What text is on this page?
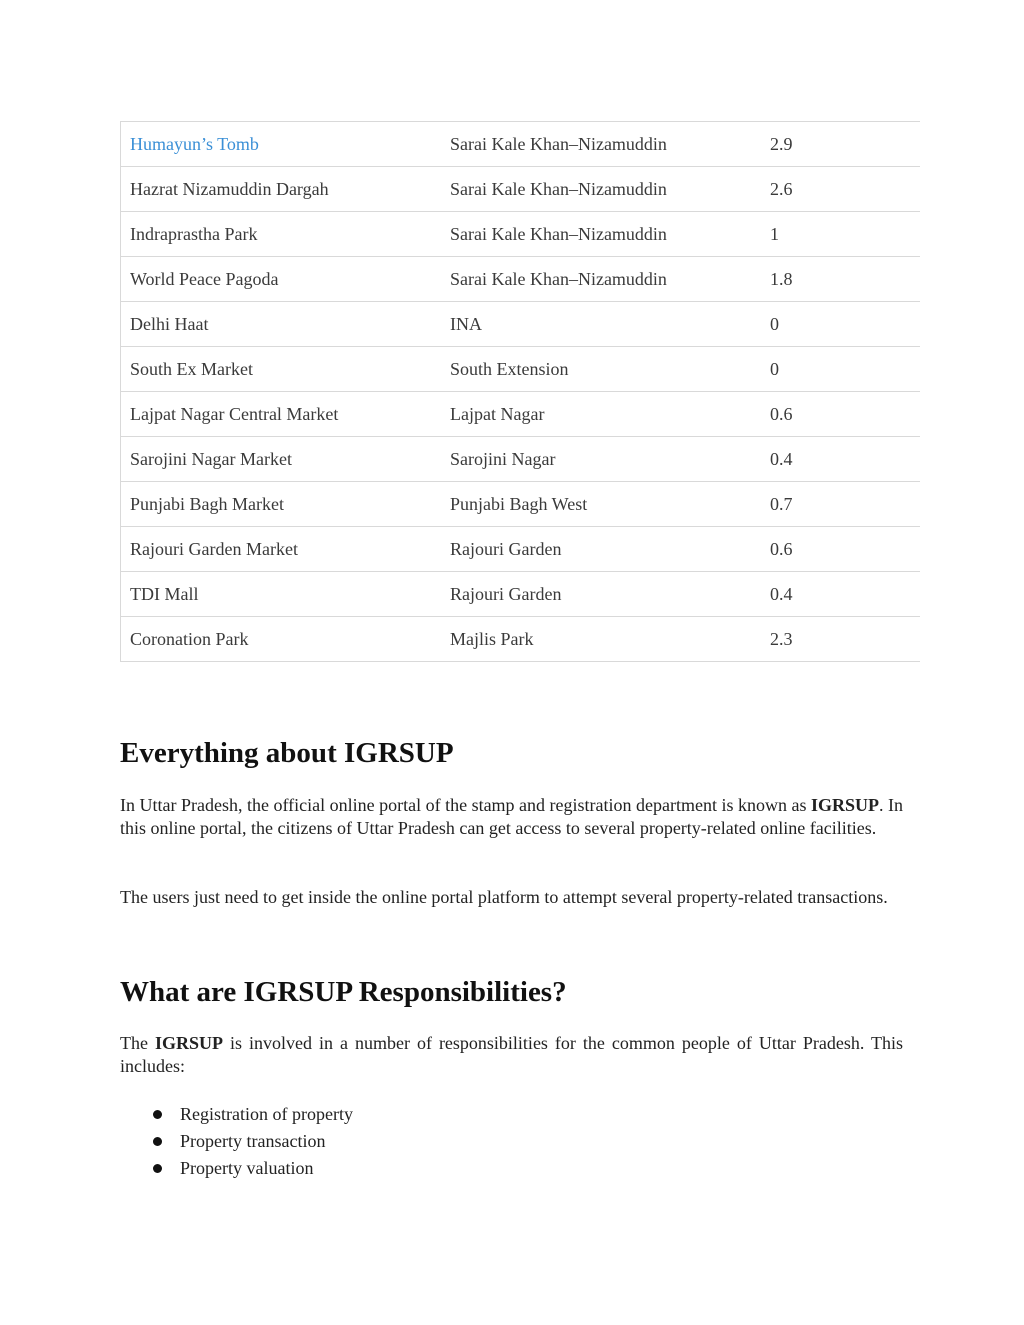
Humayun’s Tomb	Sarai Kale Khan–Nizamuddin	2.9
Hazrat Nizamuddin Dargah	Sarai Kale Khan–Nizamuddin	2.6
Indraprastha Park	Sarai Kale Khan–Nizamuddin	1
World Peace Pagoda	Sarai Kale Khan–Nizamuddin	1.8
Delhi Haat	INA	0
South Ex Market	South Extension	0
Lajpat Nagar Central Market	Lajpat Nagar	0.6
Sarojini Nagar Market	Sarojini Nagar	0.4
Punjabi Bagh Market	Punjabi Bagh West	0.7
Rajouri Garden Market	Rajouri Garden	0.6
TDI Mall	Rajouri Garden	0.4
Coronation Park	Majlis Park	2.3
Everything about IGRSUP

In Uttar Pradesh, the official online portal of the stamp and registration department is known as IGRSUP. In this online portal, the citizens of Uttar Pradesh can get access to several property-related online facilities.

The users just need to get inside the online portal platform to attempt several property-related transactions.

What are IGRSUP Responsibilities?

The IGRSUP is involved in a number of responsibilities for the common people of Uttar Pradesh. This includes:

Registration of property
Property transaction
Property valuation
